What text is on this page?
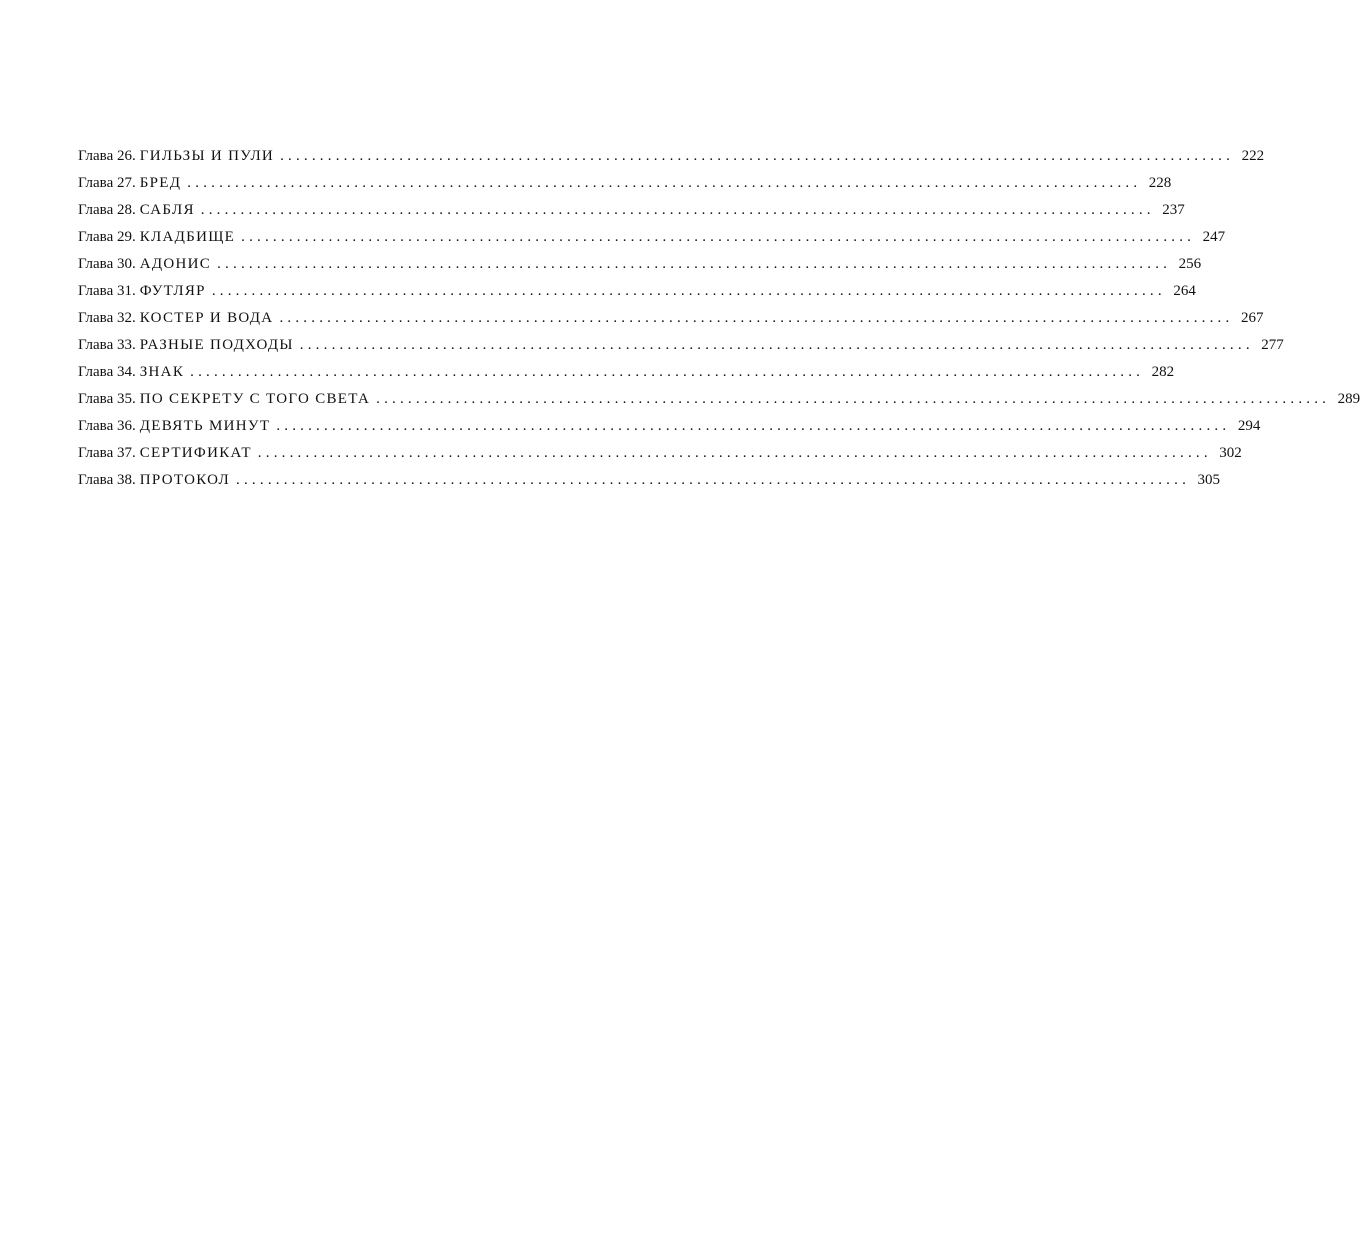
Глава 26. ГИЛЬЗЫ И ПУЛИ ........................................................................................................................ 222
Глава 27. БРЕД ........................................................................................................................ 228
Глава 28. САБЛЯ ........................................................................................................................ 237
Глава 29. КЛАДБИЩЕ ........................................................................................................................ 247
Глава 30. АДОНИС ........................................................................................................................ 256
Глава 31. ФУТЛЯР ........................................................................................................................ 264
Глава 32. КОСТЕР И ВОДА ........................................................................................................................ 267
Глава 33. РАЗНЫЕ ПОДХОДЫ ........................................................................................................................ 277
Глава 34. ЗНАК ........................................................................................................................ 282
Глава 35. ПО СЕКРЕТУ С ТОГО СВЕТА ........................................................................................................................ 289
Глава 36. ДЕВЯТЬ МИНУТ ........................................................................................................................ 294
Глава 37. СЕРТИФИКАТ ........................................................................................................................ 302
Глава 38. ПРОТОКОЛ ........................................................................................................................ 305
